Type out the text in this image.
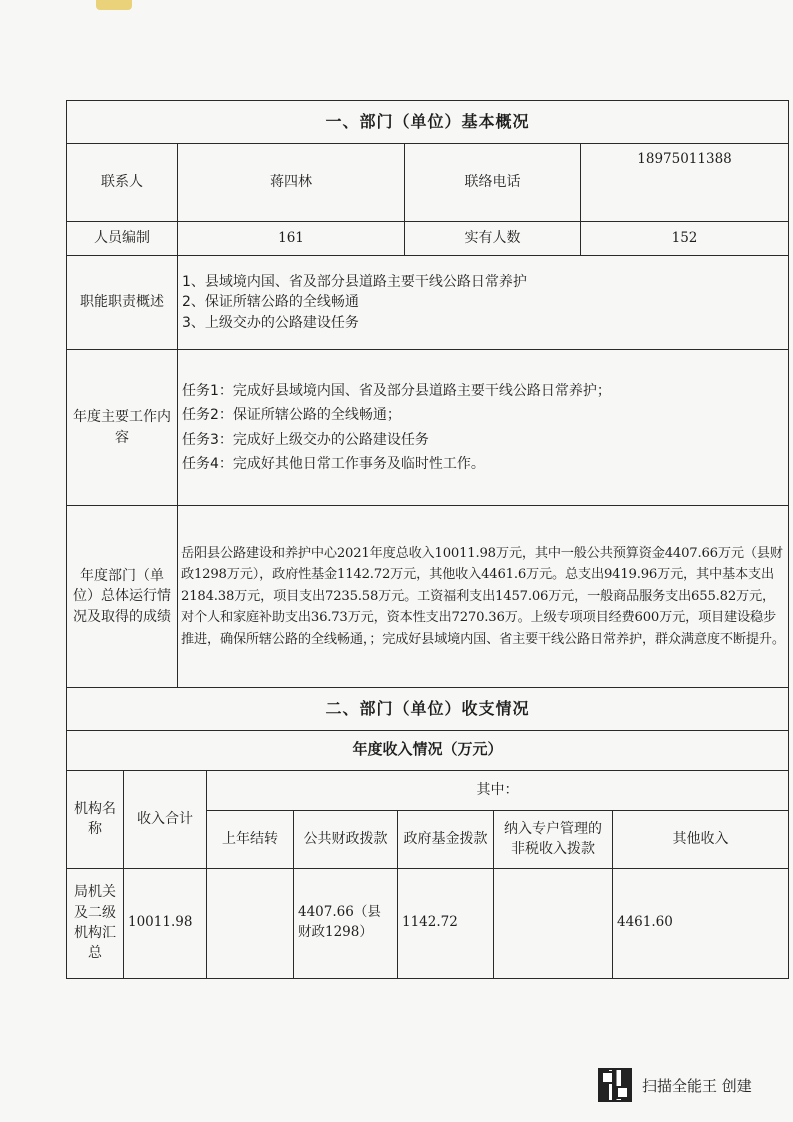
一、部门（单位）基本概况			
联系人	蒋四林	联络电话	18975011388
人员编制	161	实有人数	152
职能职责概述	1、县域境内国、省及部分县道路主要干线公路日常养护
2、保证所辖公路的全线畅通
3、上级交办的公路建设任务		

年度主要工作内容	任务1：完成好县域境内国、省及部分县道路主要干线公路日常养护；
任务2：保证所辖公路的全线畅通；
任务3：完成好上级交办的公路建设任务
任务4：完成好其他日常工作事务及临时性工作。		

年度部门（单位）总体运行情况及取得的成绩	岳阳县公路建设和养护中心2021年度总收入10011.98万元，其中一般公共预算资金4407.66万元（县财政1298万元），政府性基金1142.72万元，其他收入4461.6万元。总支出9419.96万元，其中基本支出2184.38万元，项目支出7235.58万元。工资福利支出1457.06万元，一般商品服务支出655.82万元，对个人和家庭补助支出36.73万元，资本性支出7270.36万。上级专项项目经费600万元，项目建设稳步推进，确保所辖公路的全线畅通，；完成好县域境内国、省主要干线公路日常养护，群众满意度不断提升。		
二、部门（单位）收支情况						
年度收入情况（万元）						
机构名称	收入合计	其中：				
		上年结转	公共财政拨款	政府基金拨款	纳入专户管理的非税收入拨款	其他收入
局机关及二级机构汇总	10011.98		4407.66（县财政1298）	1142.72		4461.60
扫描全能王 创建
